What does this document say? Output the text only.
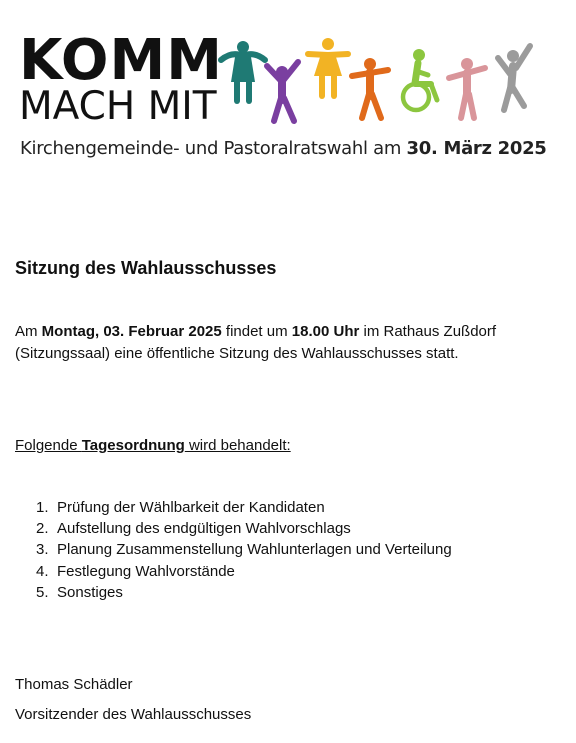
KOMM
MACH MIT
Kirchengemeinde- und Pastoralratswahl am 30. März 2025
Sitzung des Wahlausschusses

Am Montag, 03. Februar 2025 findet um 18.00 Uhr im Rathaus Zußdorf
(Sitzungssaal) eine öffentliche Sitzung des Wahlausschusses statt.

Folgende Tagesordnung wird behandelt:

1. Prüfung der Wählbarkeit der Kandidaten
2. Aufstellung des endgültigen Wahlvorschlags
3. Planung Zusammenstellung Wahlunterlagen und Verteilung
4. Festlegung Wahlvorstände
5. Sonstiges

Thomas Schädler

Vorsitzender des Wahlausschusses
